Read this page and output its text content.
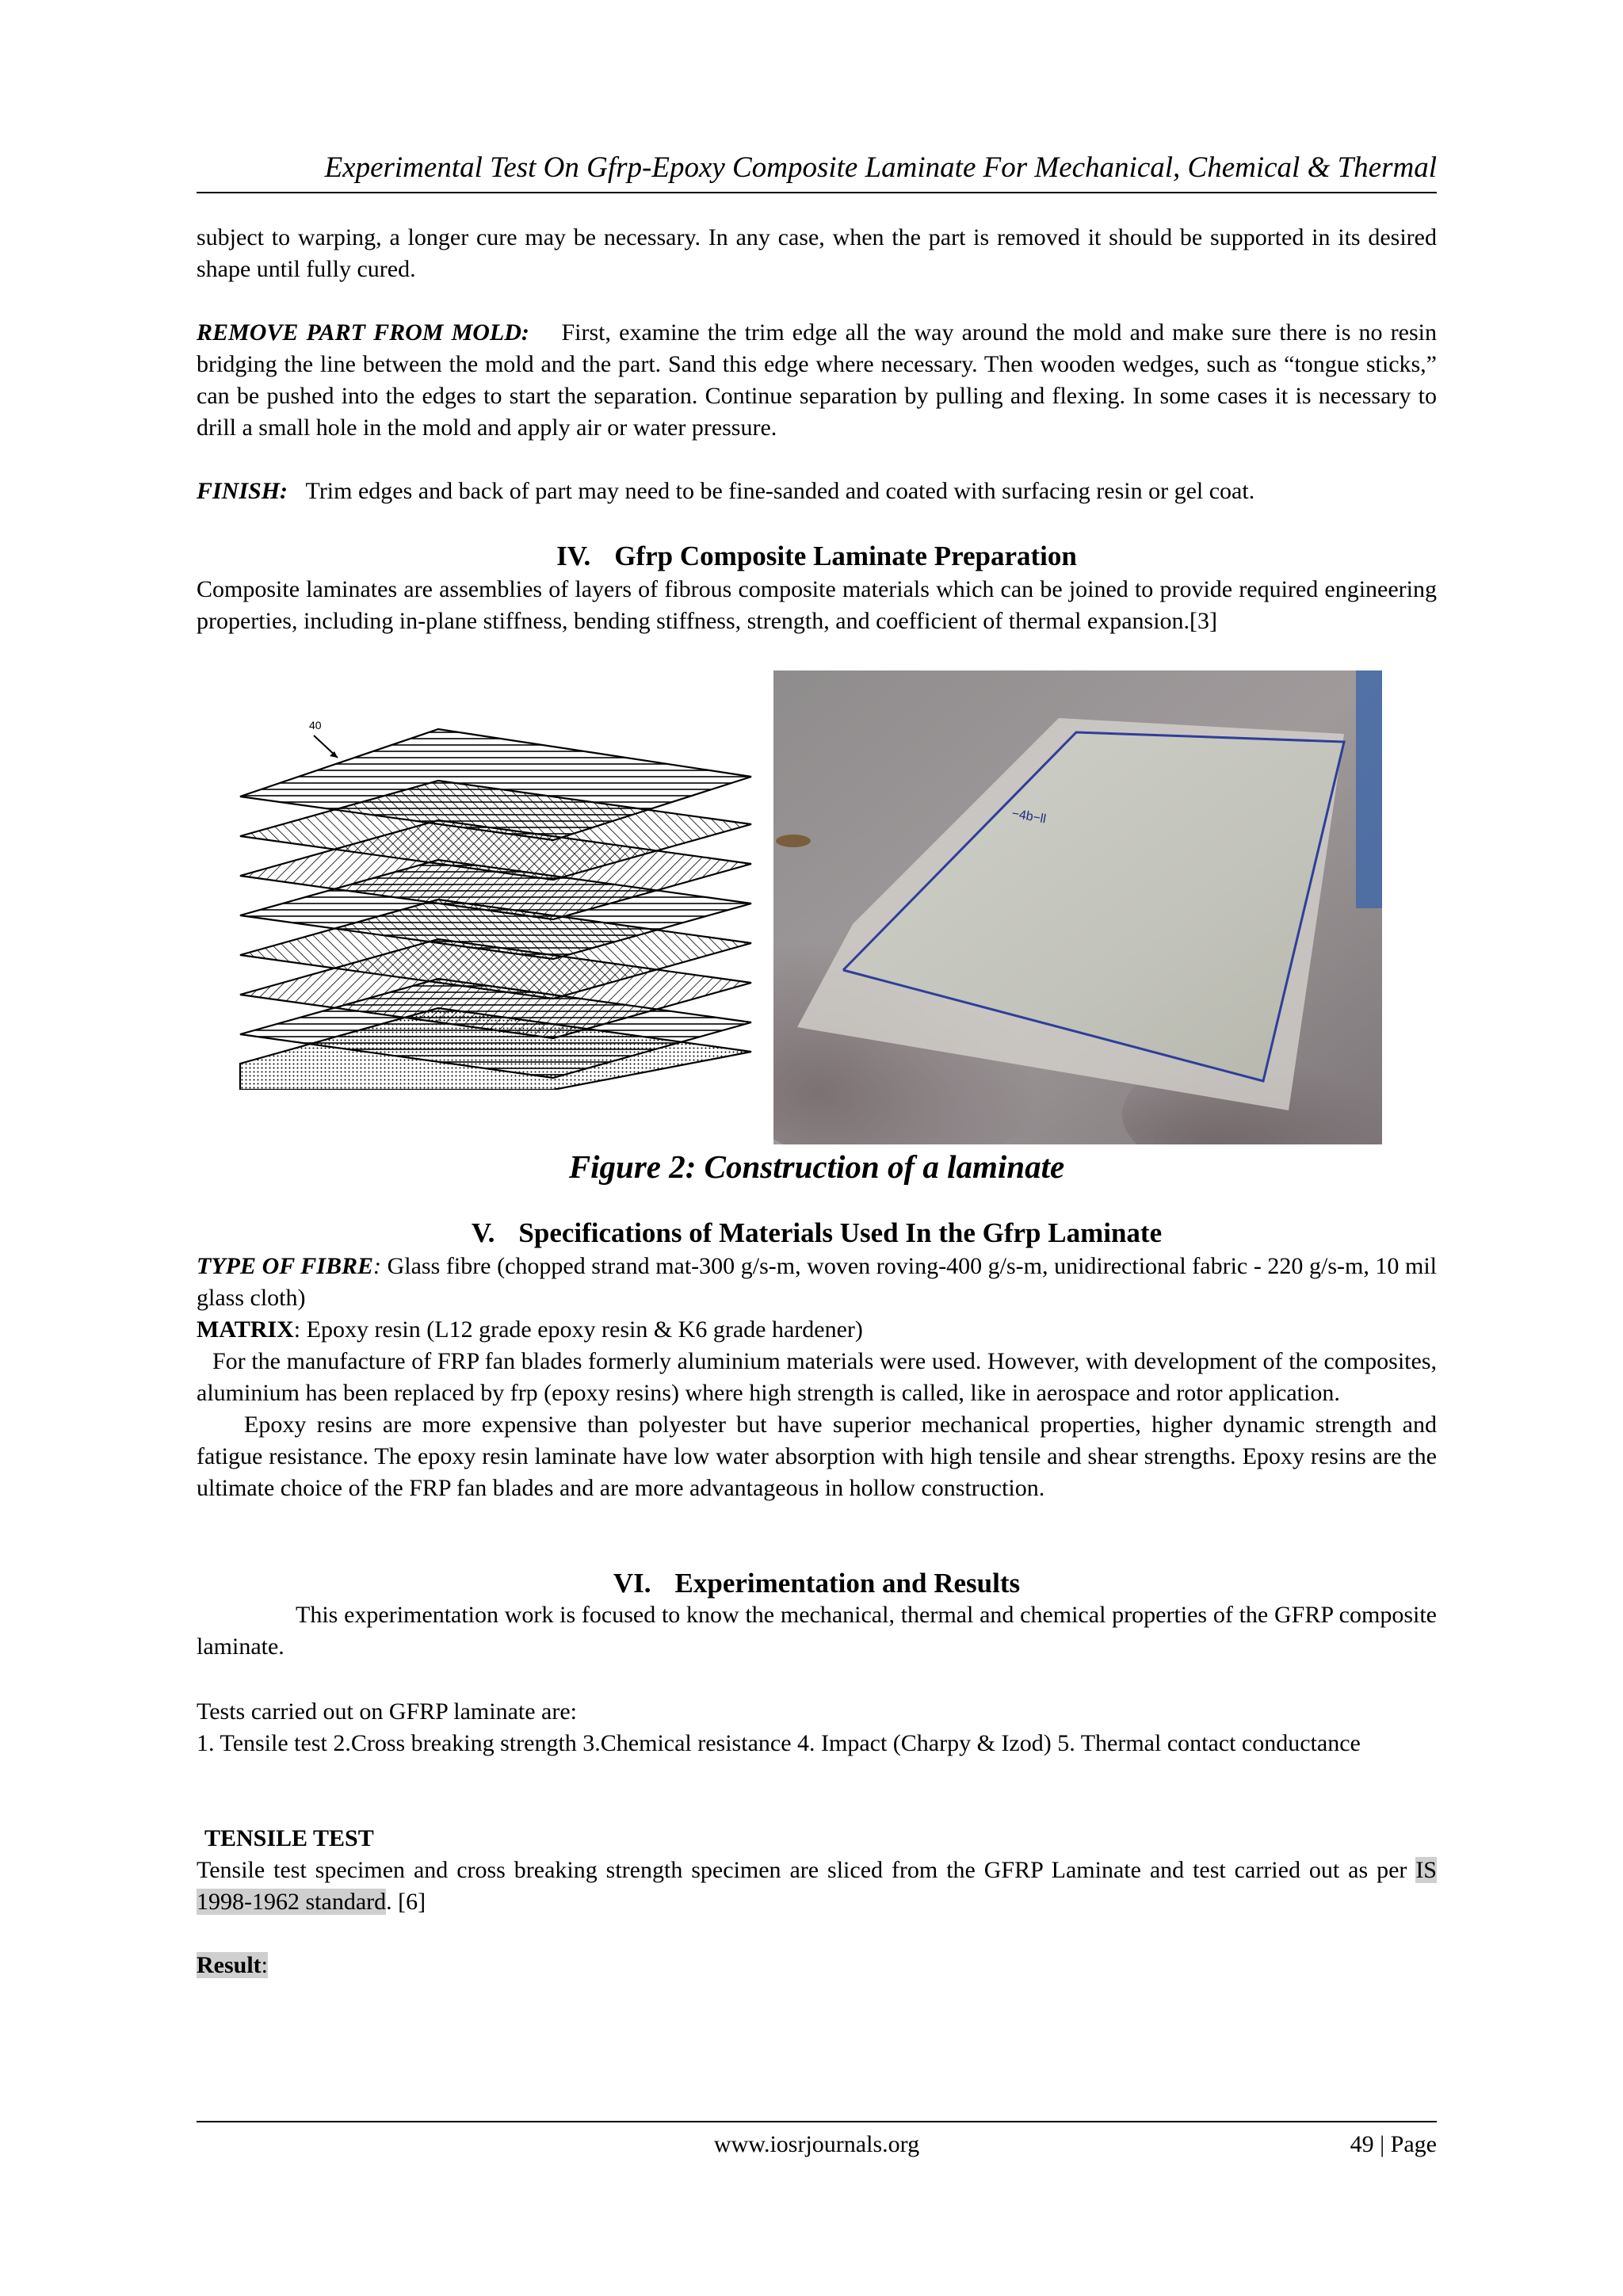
Experimental Test On Gfrp-Epoxy Composite Laminate For Mechanical, Chemical & Thermal

subject to warping, a longer cure may be necessary. In any case, when the part is removed it should be supported in its desired shape until fully cured.

REMOVE PART FROM MOLD: First, examine the trim edge all the way around the mold and make sure there is no resin bridging the line between the mold and the part. Sand this edge where necessary. Then wooden wedges, such as “tongue sticks,” can be pushed into the edges to start the separation. Continue separation by pulling and flexing. In some cases it is necessary to drill a small hole in the mold and apply air or water pressure.

FINISH: Trim edges and back of part may need to be fine-sanded and coated with surfacing resin or gel coat.

IV. Gfrp Composite Laminate Preparation

Composite laminates are assemblies of layers of fibrous composite materials which can be joined to provide required engineering properties, including in-plane stiffness, bending stiffness, strength, and coefficient of thermal expansion.[3]

40
−4b−ll
Figure 2: Construction of a laminate
V. Specifications of Materials Used In the Gfrp Laminate

TYPE OF FIBRE: Glass fibre (chopped strand mat-300 g/s-m, woven roving-400 g/s-m, unidirectional fabric - 220 g/s-m, 10 mil glass cloth)

MATRIX: Epoxy resin (L12 grade epoxy resin & K6 grade hardener)

For the manufacture of FRP fan blades formerly aluminium materials were used. However, with development of the composites, aluminium has been replaced by frp (epoxy resins) where high strength is called, like in aerospace and rotor application.

Epoxy resins are more expensive than polyester but have superior mechanical properties, higher dynamic strength and fatigue resistance. The epoxy resin laminate have low water absorption with high tensile and shear strengths. Epoxy resins are the ultimate choice of the FRP fan blades and are more advantageous in hollow construction.

VI. Experimentation and Results

This experimentation work is focused to know the mechanical, thermal and chemical properties of the GFRP composite laminate.

Tests carried out on GFRP laminate are:

1. Tensile test 2.Cross breaking strength 3.Chemical resistance 4. Impact (Charpy & Izod) 5. Thermal contact conductance

TENSILE TEST

Tensile test specimen and cross breaking strength specimen are sliced from the GFRP Laminate and test carried out as per IS 1998-1962 standard. [6]

Result:

www.iosrjournals.org	49 | Page
